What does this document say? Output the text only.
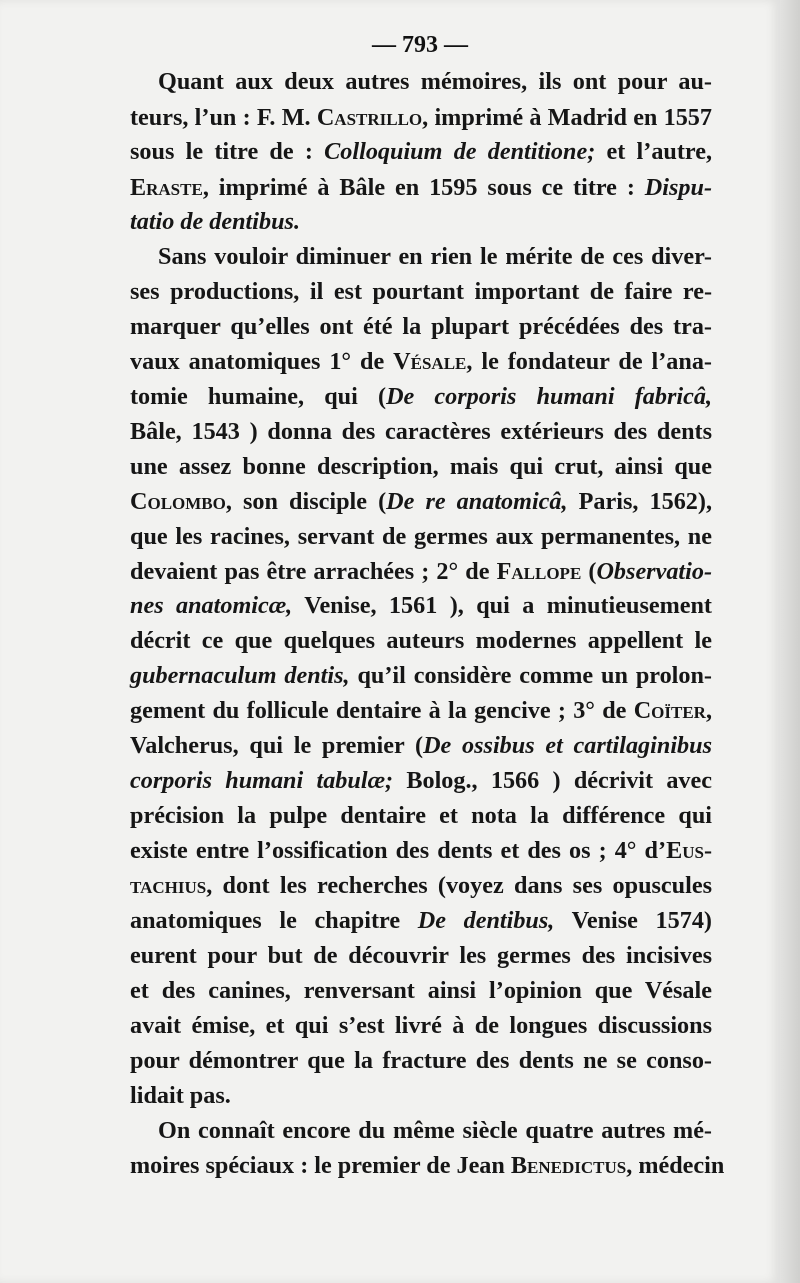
— 793 —
Quant aux deux autres mémoires, ils ont pour au-
teurs, l’un : F. M. Castrillo, imprimé à Madrid en 1557
sous le titre de : Colloquium de dentitione; et l’autre,
Eraste, imprimé à Bâle en 1595 sous ce titre : Dispu-
tatio de dentibus.
Sans vouloir diminuer en rien le mérite de ces diver-
ses productions, il est pourtant important de faire re-
marquer qu’elles ont été la plupart précédées des tra-
vaux anatomiques 1° de Vésale, le fondateur de l’ana-
tomie humaine, qui (De corporis humani fabricâ,
Bâle, 1543 ) donna des caractères extérieurs des dents
une assez bonne description, mais qui crut, ainsi que
Colombo, son disciple (De re anatomicâ, Paris, 1562),
que les racines, servant de germes aux permanentes, ne
devaient pas être arrachées ; 2° de Fallope (Observatio-
nes anatomicæ, Venise, 1561 ), qui a minutieusement
décrit ce que quelques auteurs modernes appellent le
gubernaculum dentis, qu’il considère comme un prolon-
gement du follicule dentaire à la gencive ; 3° de Coïter,
Valcherus, qui le premier (De ossibus et cartilaginibus
corporis humani tabulæ; Bolog., 1566 ) décrivit avec
précision la pulpe dentaire et nota la différence qui
existe entre l’ossification des dents et des os ; 4° d’Eus-
tachius, dont les recherches (voyez dans ses opuscules
anatomiques le chapitre De dentibus, Venise 1574)
eurent pour but de découvrir les germes des incisives
et des canines, renversant ainsi l’opinion que Vésale
avait émise, et qui s’est livré à de longues discussions
pour démontrer que la fracture des dents ne se conso-
lidait pas.
On connaît encore du même siècle quatre autres mé-
moires spéciaux : le premier de Jean Benedictus, médecin
